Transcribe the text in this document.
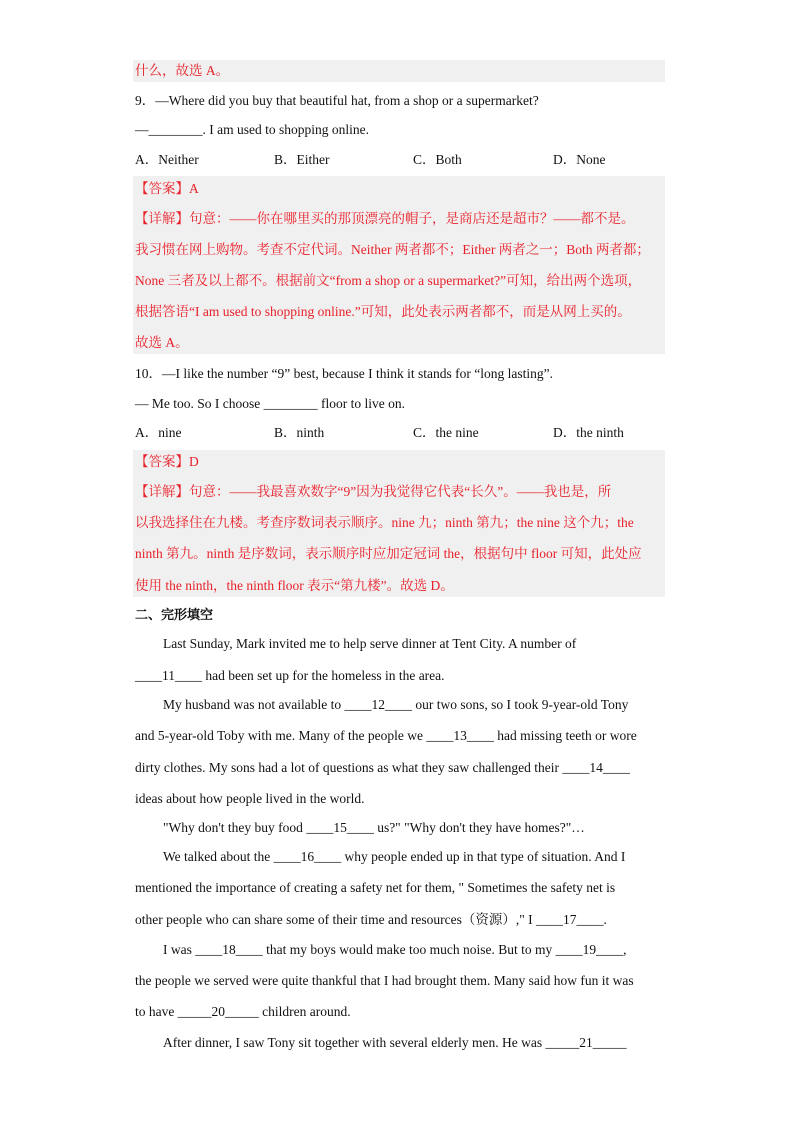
什么，故选 A。
9．—Where did you buy that beautiful hat, from a shop or a supermarket?
—________. I am used to shopping online.
A．Neither	B．Either	C．Both	D．None
【答案】A
【详解】句意：——你在哪里买的那顶漂亮的帽子，是商店还是超市？——都不是。
我习惯在网上购物。考查不定代词。Neither 两者都不；Either 两者之一；Both 两者都；
None 三者及以上都不。根据前文“from a shop or a supermarket?”可知，给出两个选项，
根据答语“I am used to shopping online.”可知，此处表示两者都不，而是从网上买的。
故选 A。
10．—I like the number “9” best, because I think it stands for “long lasting”.
— Me too. So I choose ________ floor to live on.
A．nine	B．ninth	C．the nine	D．the ninth
【答案】D
【详解】句意：——我最喜欢数字“9”因为我觉得它代表“长久”。——我也是，所
以我选择住在九楼。考查序数词表示顺序。nine 九；ninth 第九；the nine 这个九；the
ninth 第九。ninth 是序数词，表示顺序时应加定冠词 the，根据句中 floor 可知，此处应
使用 the ninth，the ninth floor 表示“第九楼”。故选 D。
二、完形填空
Last Sunday, Mark invited me to help serve dinner at Tent City. A number of
____11____ had been set up for the homeless in the area.
My husband was not available to ____12____ our two sons, so I took 9-year-old Tony
and 5-year-old Toby with me. Many of the people we ____13____ had missing teeth or wore
dirty clothes. My sons had a lot of questions as what they saw challenged their ____14____
ideas about how people lived in the world.
"Why don't they buy food ____15____ us?" "Why don't they have homes?"…
We talked about the ____16____ why people ended up in that type of situation. And I
mentioned the importance of creating a safety net for them, " Sometimes the safety net is
other people who can share some of their time and resources（资源）," I ____17____.
I was ____18____ that my boys would make too much noise. But to my ____19____,
the people we served were quite thankful that I had brought them. Many said how fun it was
to have _____20_____ children around.
After dinner, I saw Tony sit together with several elderly men. He was _____21_____
